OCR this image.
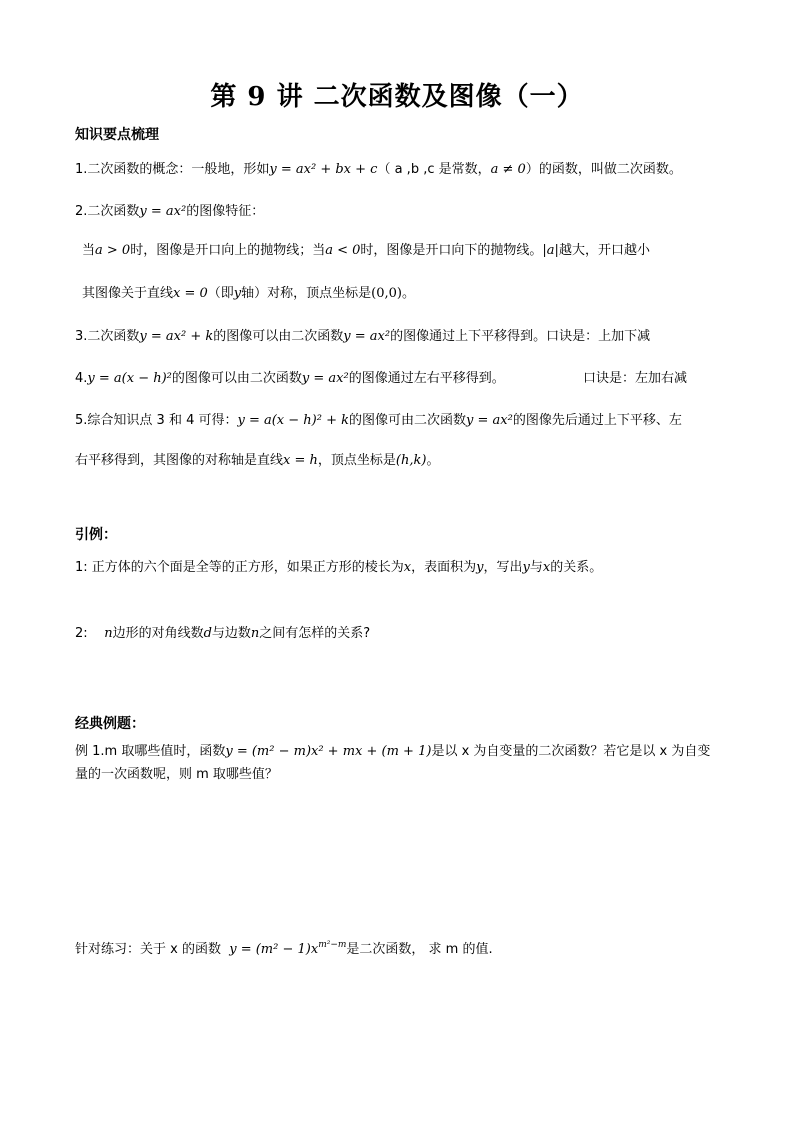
第 9 讲 二次函数及图像（一）
知识要点梳理
1.二次函数的概念：一般地，形如y = ax² + bx + c（ a ,b ,c 是常数，a ≠ 0）的函数，叫做二次函数。
2.二次函数y = ax²的图像特征：
当a > 0时，图像是开口向上的抛物线；当a < 0时，图像是开口向下的抛物线。|a|越大，开口越小
其图像关于直线x = 0（即y轴）对称，顶点坐标是(0,0)。
3.二次函数y = ax² + k的图像可以由二次函数y = ax²的图像通过上下平移得到。口诀是：上加下减
4.y = a(x − h)²的图像可以由二次函数y = ax²的图像通过左右平移得到。	口诀是：左加右减
5.综合知识点 3 和 4 可得：y = a(x − h)² + k的图像可由二次函数y = ax²的图像先后通过上下平移、左
右平移得到，其图像的对称轴是直线x = h，顶点坐标是(h,k)。
引例：
1: 正方体的六个面是全等的正方形，如果正方形的棱长为x，表面积为y，写出y与x的关系。
2:    n边形的对角线数d与边数n之间有怎样的关系?
经典例题：
例 1.m 取哪些值时，函数y = (m² − m)x² + mx + (m + 1)是以 x 为自变量的二次函数？若它是以 x 为自变
量的一次函数呢，则 m 取哪些值？
针对练习：关于 x 的函数 $y = (m^2 - 1)x^{m^2-m}$是二次函数， 求 m 的值.
